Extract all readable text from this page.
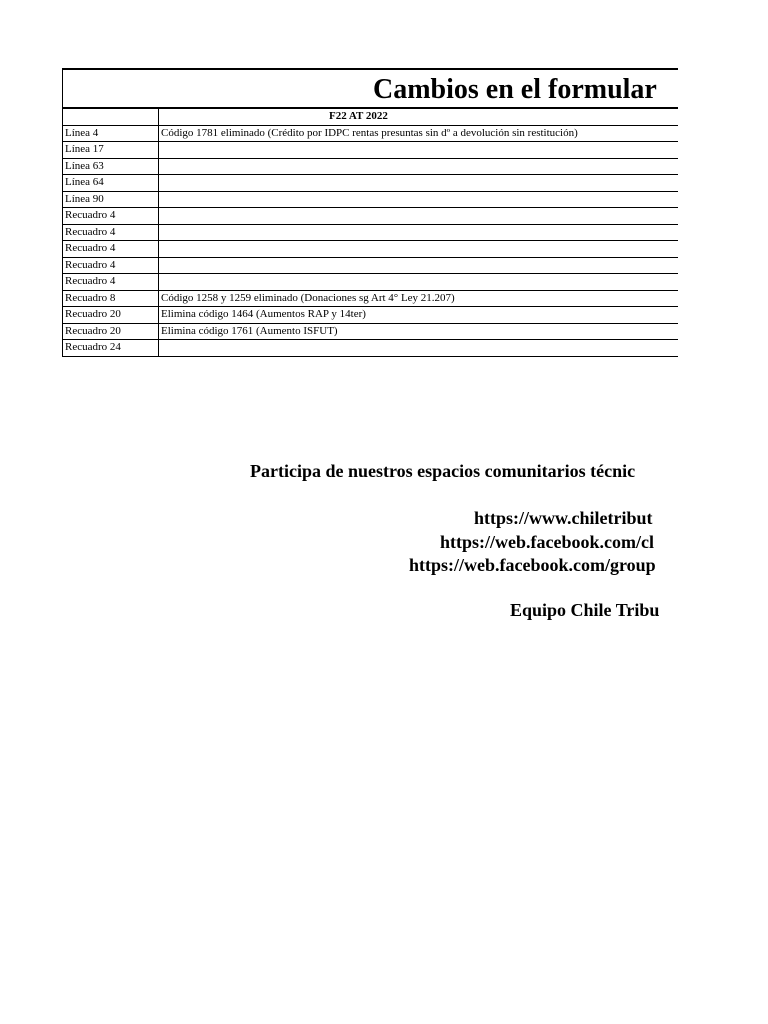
Cambios en el formular
	F22 AT 2022
Línea 4	Código 1781 eliminado (Crédito por IDPC rentas presuntas sin dº a devolución sin restitución)
Línea 17	
Línea 63	
Línea 64	
Línea 90	
Recuadro 4	
Recuadro 4	
Recuadro 4	
Recuadro 4	
Recuadro 4	
Recuadro 8	Código 1258 y 1259 eliminado (Donaciones sg Art 4° Ley 21.207)
Recuadro 20	Elimina código 1464 (Aumentos RAP y 14ter)
Recuadro 20	Elimina código 1761 (Aumento ISFUT)
Recuadro 24	
Participa de nuestros espacios comunitarios técnic
https://www.chiletribut
https://web.facebook.com/cl
https://web.facebook.com/group
Equipo Chile Tribu
